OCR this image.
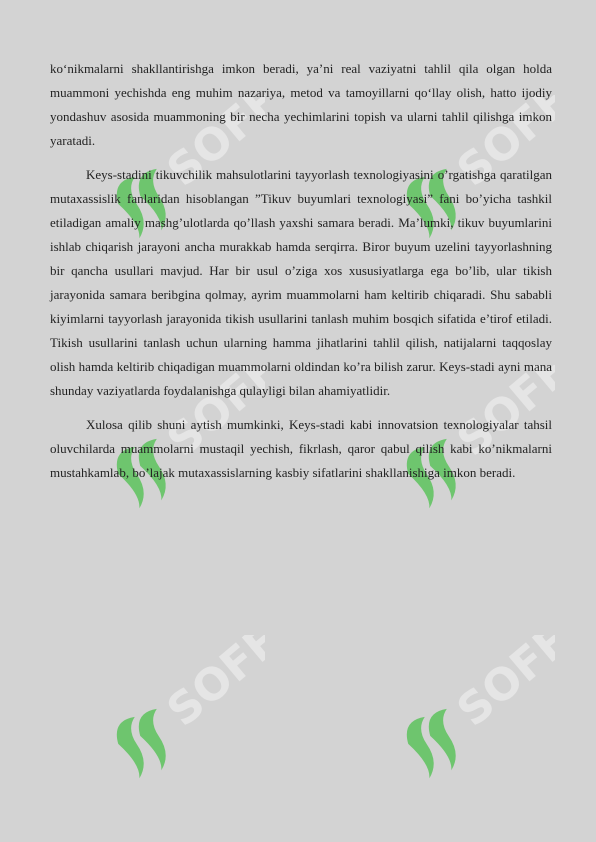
SOFF	SOFF
SOFF	SOFF
SOFF	SOFF

ko‘nikmalarni shakllantirishga imkon beradi, ya’ni real vaziyatni tahlil qila olgan holda muammoni yechishda eng muhim nazariya, metod va tamoyillarni qo‘llay olish, hatto ijodiy yondashuv asosida muammoning bir necha yechimlarini topish va ularni tahlil qilishga imkon yaratadi.

Keys-stadini tikuvchilik mahsulotlarini tayyorlash texnologiyasini o’rgatishga qaratilgan mutaxassislik fanlaridan hisoblangan ”Tikuv buyumlari texnologiyasi” fani bo’yicha tashkil etiladigan amaliy mashg’ulotlarda qo’llash yaxshi samara beradi. Ma’lumki, tikuv buyumlarini ishlab chiqarish jarayoni ancha murakkab hamda serqirra. Biror buyum uzelini tayyorlashning bir qancha usullari mavjud. Har bir usul o’ziga xos xususiyatlarga ega bo’lib, ular tikish jarayonida samara beribgina qolmay, ayrim muammolarni ham keltirib chiqaradi. Shu sababli kiyimlarni tayyorlash jarayonida tikish usullarini tanlash muhim bosqich sifatida e’tirof etiladi. Tikish usullarini tanlash uchun ularning hamma jihatlarini tahlil qilish, natijalarni taqqoslay olish hamda keltirib chiqadigan muammolarni oldindan ko’ra bilish zarur. Keys-stadi ayni mana shunday vaziyatlarda foydalanishga qulayligi bilan ahamiyatlidir.

Xulosa qilib shuni aytish mumkinki, Keys-stadi kabi innovatsion texnologiyalar tahsil oluvchilarda muammolarni mustaqil yechish, fikrlash, qaror qabul qilish kabi ko’nikmalarni mustahkamlab, bo’lajak mutaxassislarning kasbiy sifatlarini shakllanishiga imkon beradi.
